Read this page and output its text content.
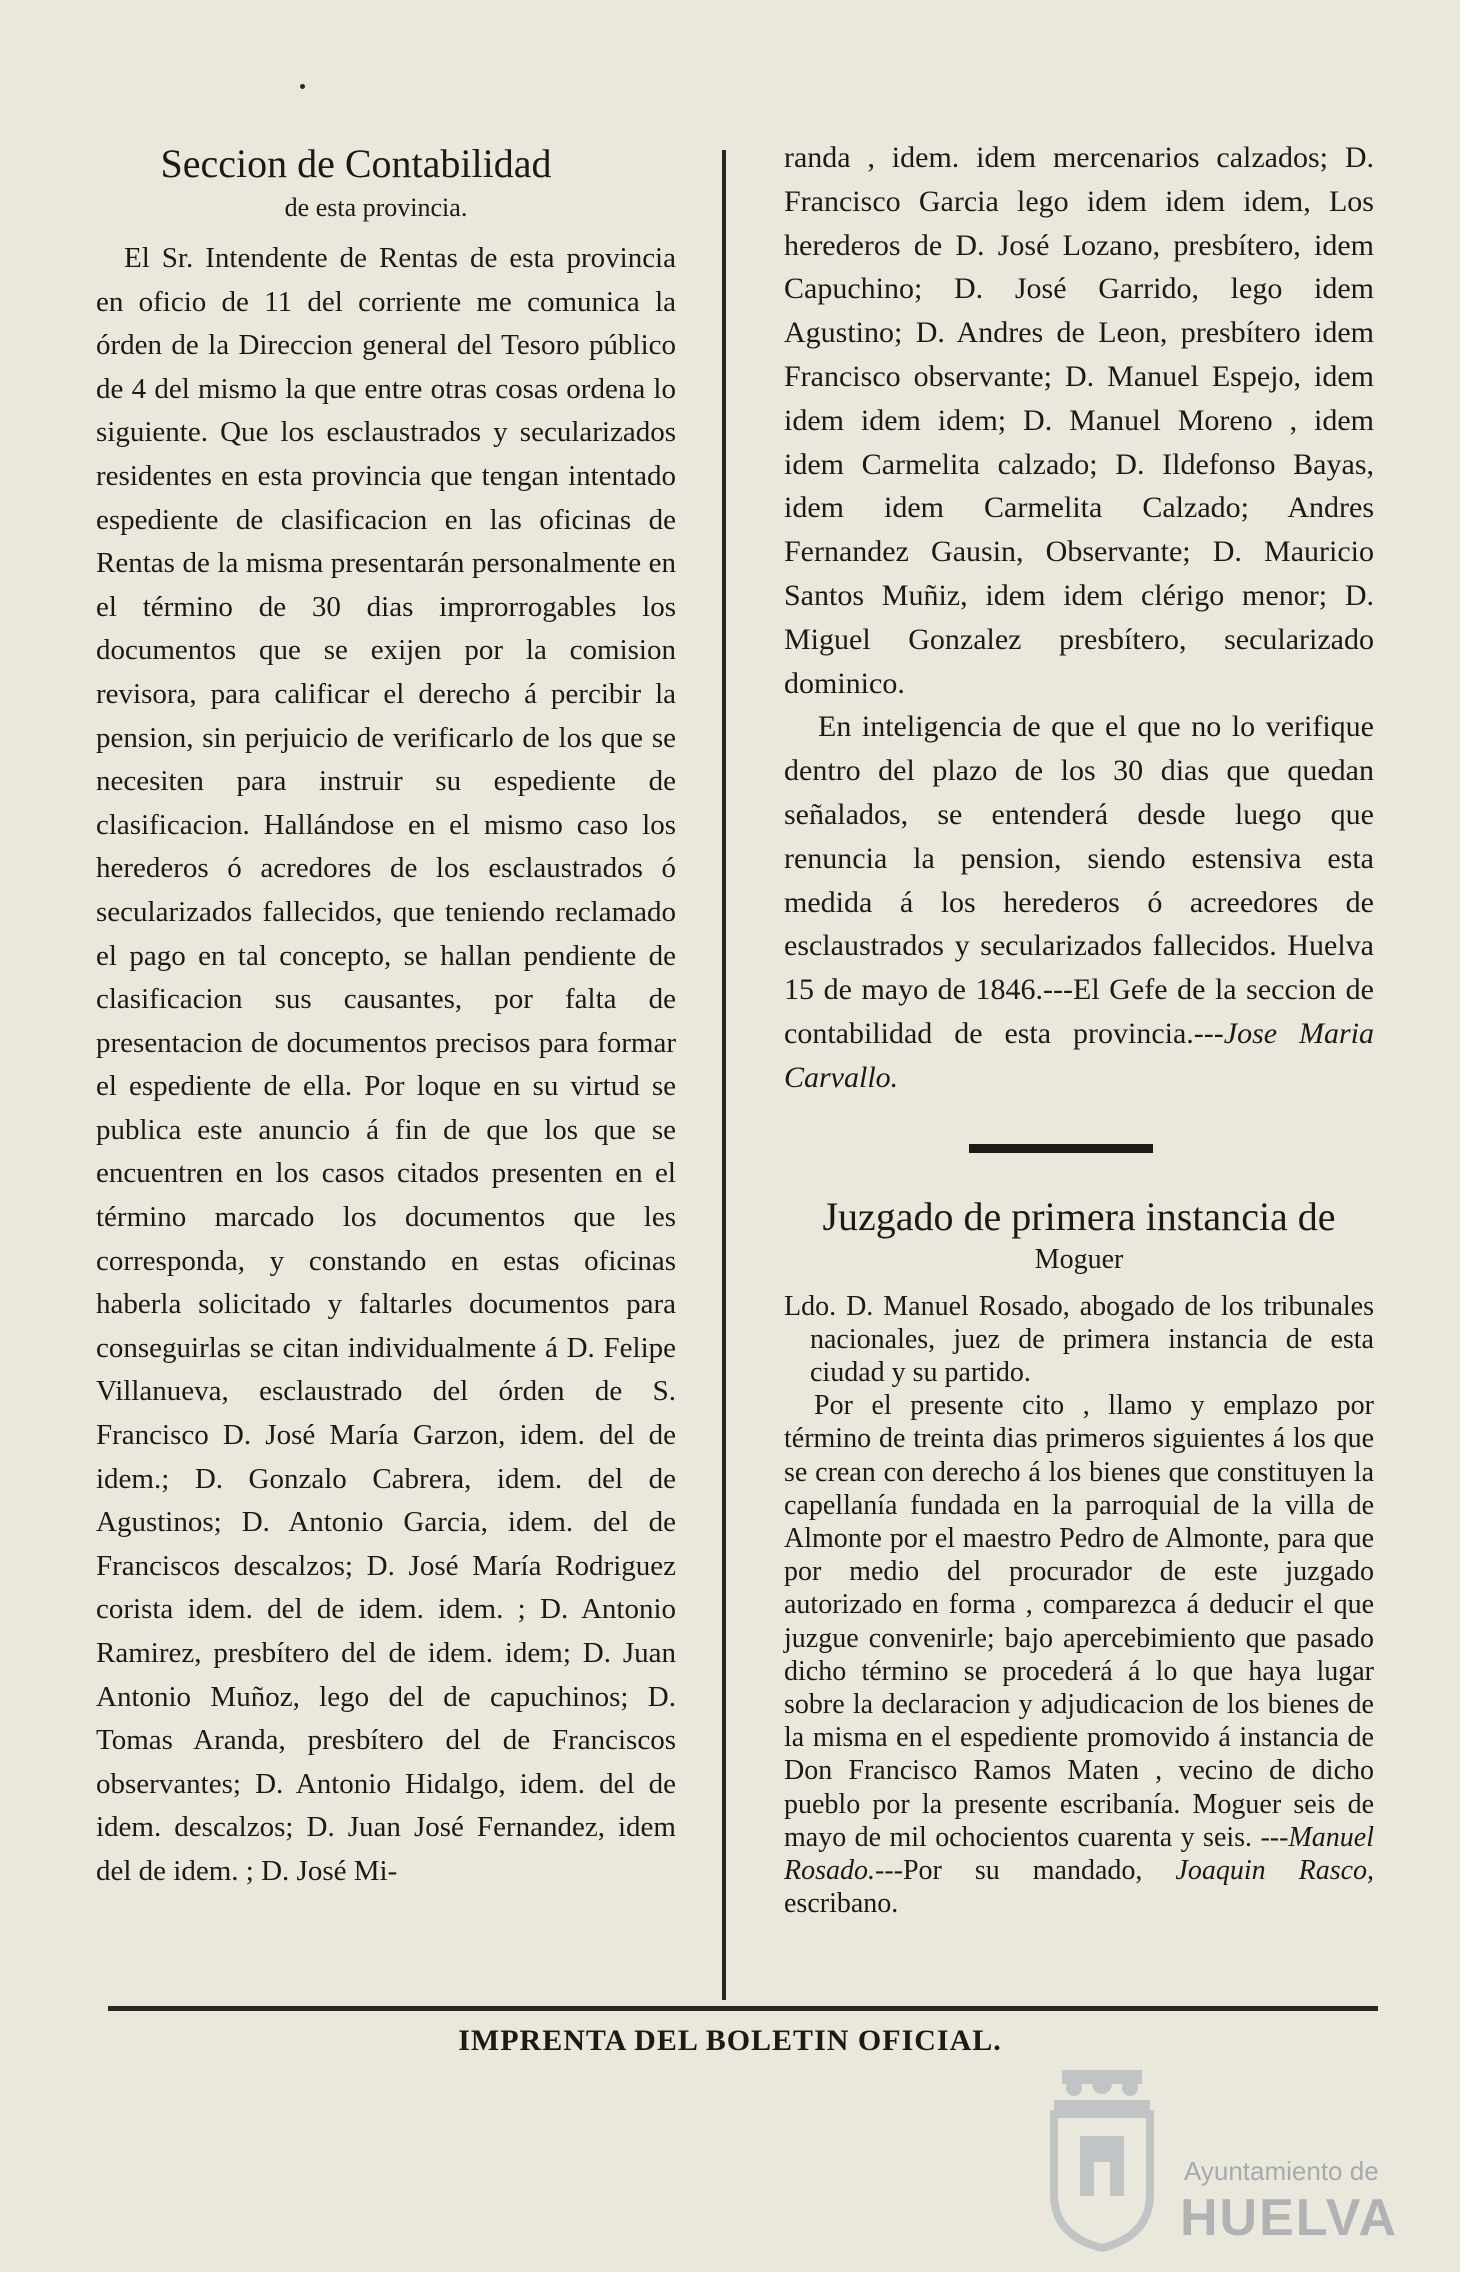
Seccion de Contabilidad
de esta provincia.

El Sr. Intendente de Rentas de esta provincia en oficio de 11 del corriente me comunica la órden de la Direccion general del Tesoro público de 4 del mismo la que entre otras cosas ordena lo siguiente. Que los esclaustrados y secularizados residentes en esta provincia que tengan intentado espediente de clasificacion en las oficinas de Rentas de la misma presentarán personalmente en el término de 30 dias improrrogables los documentos que se exijen por la comision revisora, para calificar el derecho á percibir la pension, sin perjuicio de verificarlo de los que se necesiten para instruir su espediente de clasificacion. Hallándose en el mismo caso los herederos ó acredores de los esclaustrados ó secularizados fallecidos, que teniendo reclamado el pago en tal concepto, se hallan pendiente de clasificacion sus causantes, por falta de presentacion de documentos precisos para formar el espediente de ella. Por loque en su virtud se publica este anuncio á fin de que los que se encuentren en los casos citados presenten en el término marcado los documentos que les corresponda, y constando en estas oficinas haberla solicitado y faltarles documentos para conseguirlas se citan individualmente á D. Felipe Villanueva, esclaustrado del órden de S. Francisco D. José María Garzon, idem. del de idem.; D. Gonzalo Cabrera, idem. del de Agustinos; D. Antonio Garcia, idem. del de Franciscos descalzos; D. José María Rodriguez corista idem. del de idem. idem. ; D. Antonio Ramirez, presbítero del de idem. idem; D. Juan Antonio Muñoz, lego del de capuchinos; D. Tomas Aranda, presbítero del de Franciscos observantes; D. Antonio Hidalgo, idem. del de idem. descalzos; D. Juan José Fernandez, idem del de idem. ; D. José Mi-

randa , idem. idem mercenarios calzados; D. Francisco Garcia lego idem idem idem, Los herederos de D. José Lozano, presbítero, idem Capuchino; D. José Garrido, lego idem Agustino; D. Andres de Leon, presbítero idem Francisco observante; D. Manuel Espejo, idem idem idem idem; D. Manuel Moreno , idem idem Carmelita calzado; D. Ildefonso Bayas, idem idem Carmelita Calzado; Andres Fernandez Gausin, Observante; D. Mauricio Santos Muñiz, idem idem clérigo menor; D. Miguel Gonzalez presbítero, secularizado dominico.

En inteligencia de que el que no lo verifique dentro del plazo de los 30 dias que quedan señalados, se entenderá desde luego que renuncia la pension, siendo estensiva esta medida á los herederos ó acreedores de esclaustrados y secularizados fallecidos. Huelva 15 de mayo de 1846.---El Gefe de la seccion de contabilidad de esta provincia.---Jose Maria Carvallo.

Juzgado de primera instancia de
Moguer

Ldo. D. Manuel Rosado, abogado de los tribunales nacionales, juez de primera instancia de esta ciudad y su partido.

Por el presente cito , llamo y emplazo por término de treinta dias primeros siguientes á los que se crean con derecho á los bienes que constituyen la capellanía fundada en la parroquial de la villa de Almonte por el maestro Pedro de Almonte, para que por medio del procurador de este juzgado autorizado en forma , comparezca á deducir el que juzgue convenirle; bajo apercebimiento que pasado dicho término se procederá á lo que haya lugar sobre la declaracion y adjudicacion de los bienes de la misma en el espediente promovido á instancia de Don Francisco Ramos Maten , vecino de dicho pueblo por la presente escribanía. Moguer seis de mayo de mil ochocientos cuarenta y seis. ---Manuel Rosado.---Por su mandado, Joaquin Rasco, escribano.

IMPRENTA DEL BOLETIN OFICIAL.
Ayuntamiento de
HUELVA
